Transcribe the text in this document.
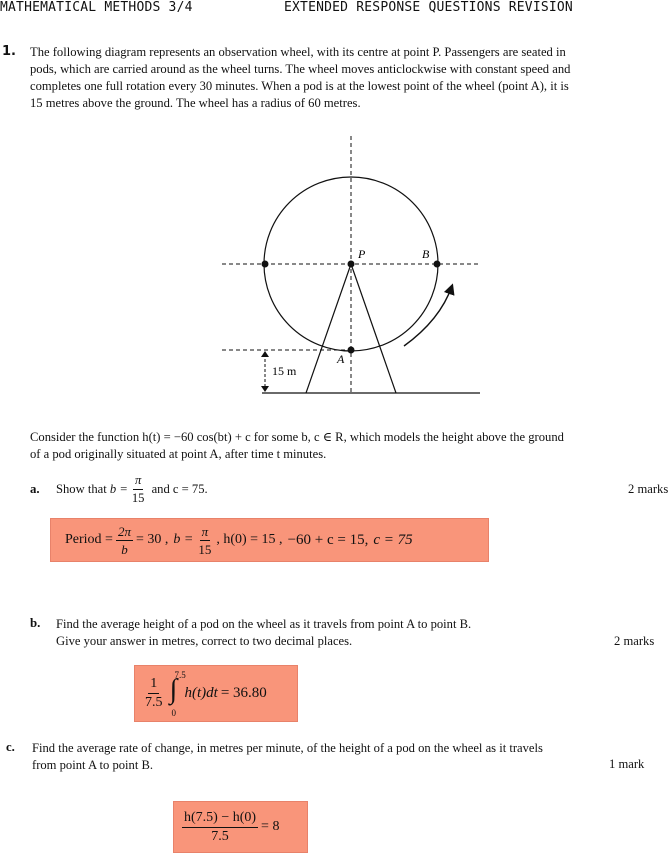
MATHEMATICAL METHODS 3/4	EXTENDED RESPONSE QUESTIONS REVISION
1. The following diagram represents an observation wheel, with its centre at point P. Passengers are seated in
pods, which are carried around as the wheel turns. The wheel moves anticlockwise with constant speed and
completes one full rotation every 30 minutes. When a pod is at the lowest point of the wheel (point A), it is
15 metres above the ground. The wheel has a radius of 60 metres.
P	B
A
15 m
Consider the function h(t) = −60 cos(bt) + c for some b, c ∈ R, which models the height above the ground
of a pod originally situated at point A, after time t minutes.
a. Show that $b = \frac{\pi}{15}$ and c = 75.	2 marks
Period = $\frac{2\pi}{b} = 30$ , $b = \frac{\pi}{15}$ , h(0) = 15 , −60 + c = 15, c = 75
b. Find the average height of a pod on the wheel as it travels from point A to point B.
Give your answer in metres, correct to two decimal places.	2 marks
$\frac{1}{7.5}$

∫

7.5

0

h(t)dt = 36.80
c. Find the average rate of change, in metres per minute, of the height of a pod on the wheel as it travels
from point A to point B.	1 mark
$\frac{h(7.5) - h(0)}{7.5} = 8$
